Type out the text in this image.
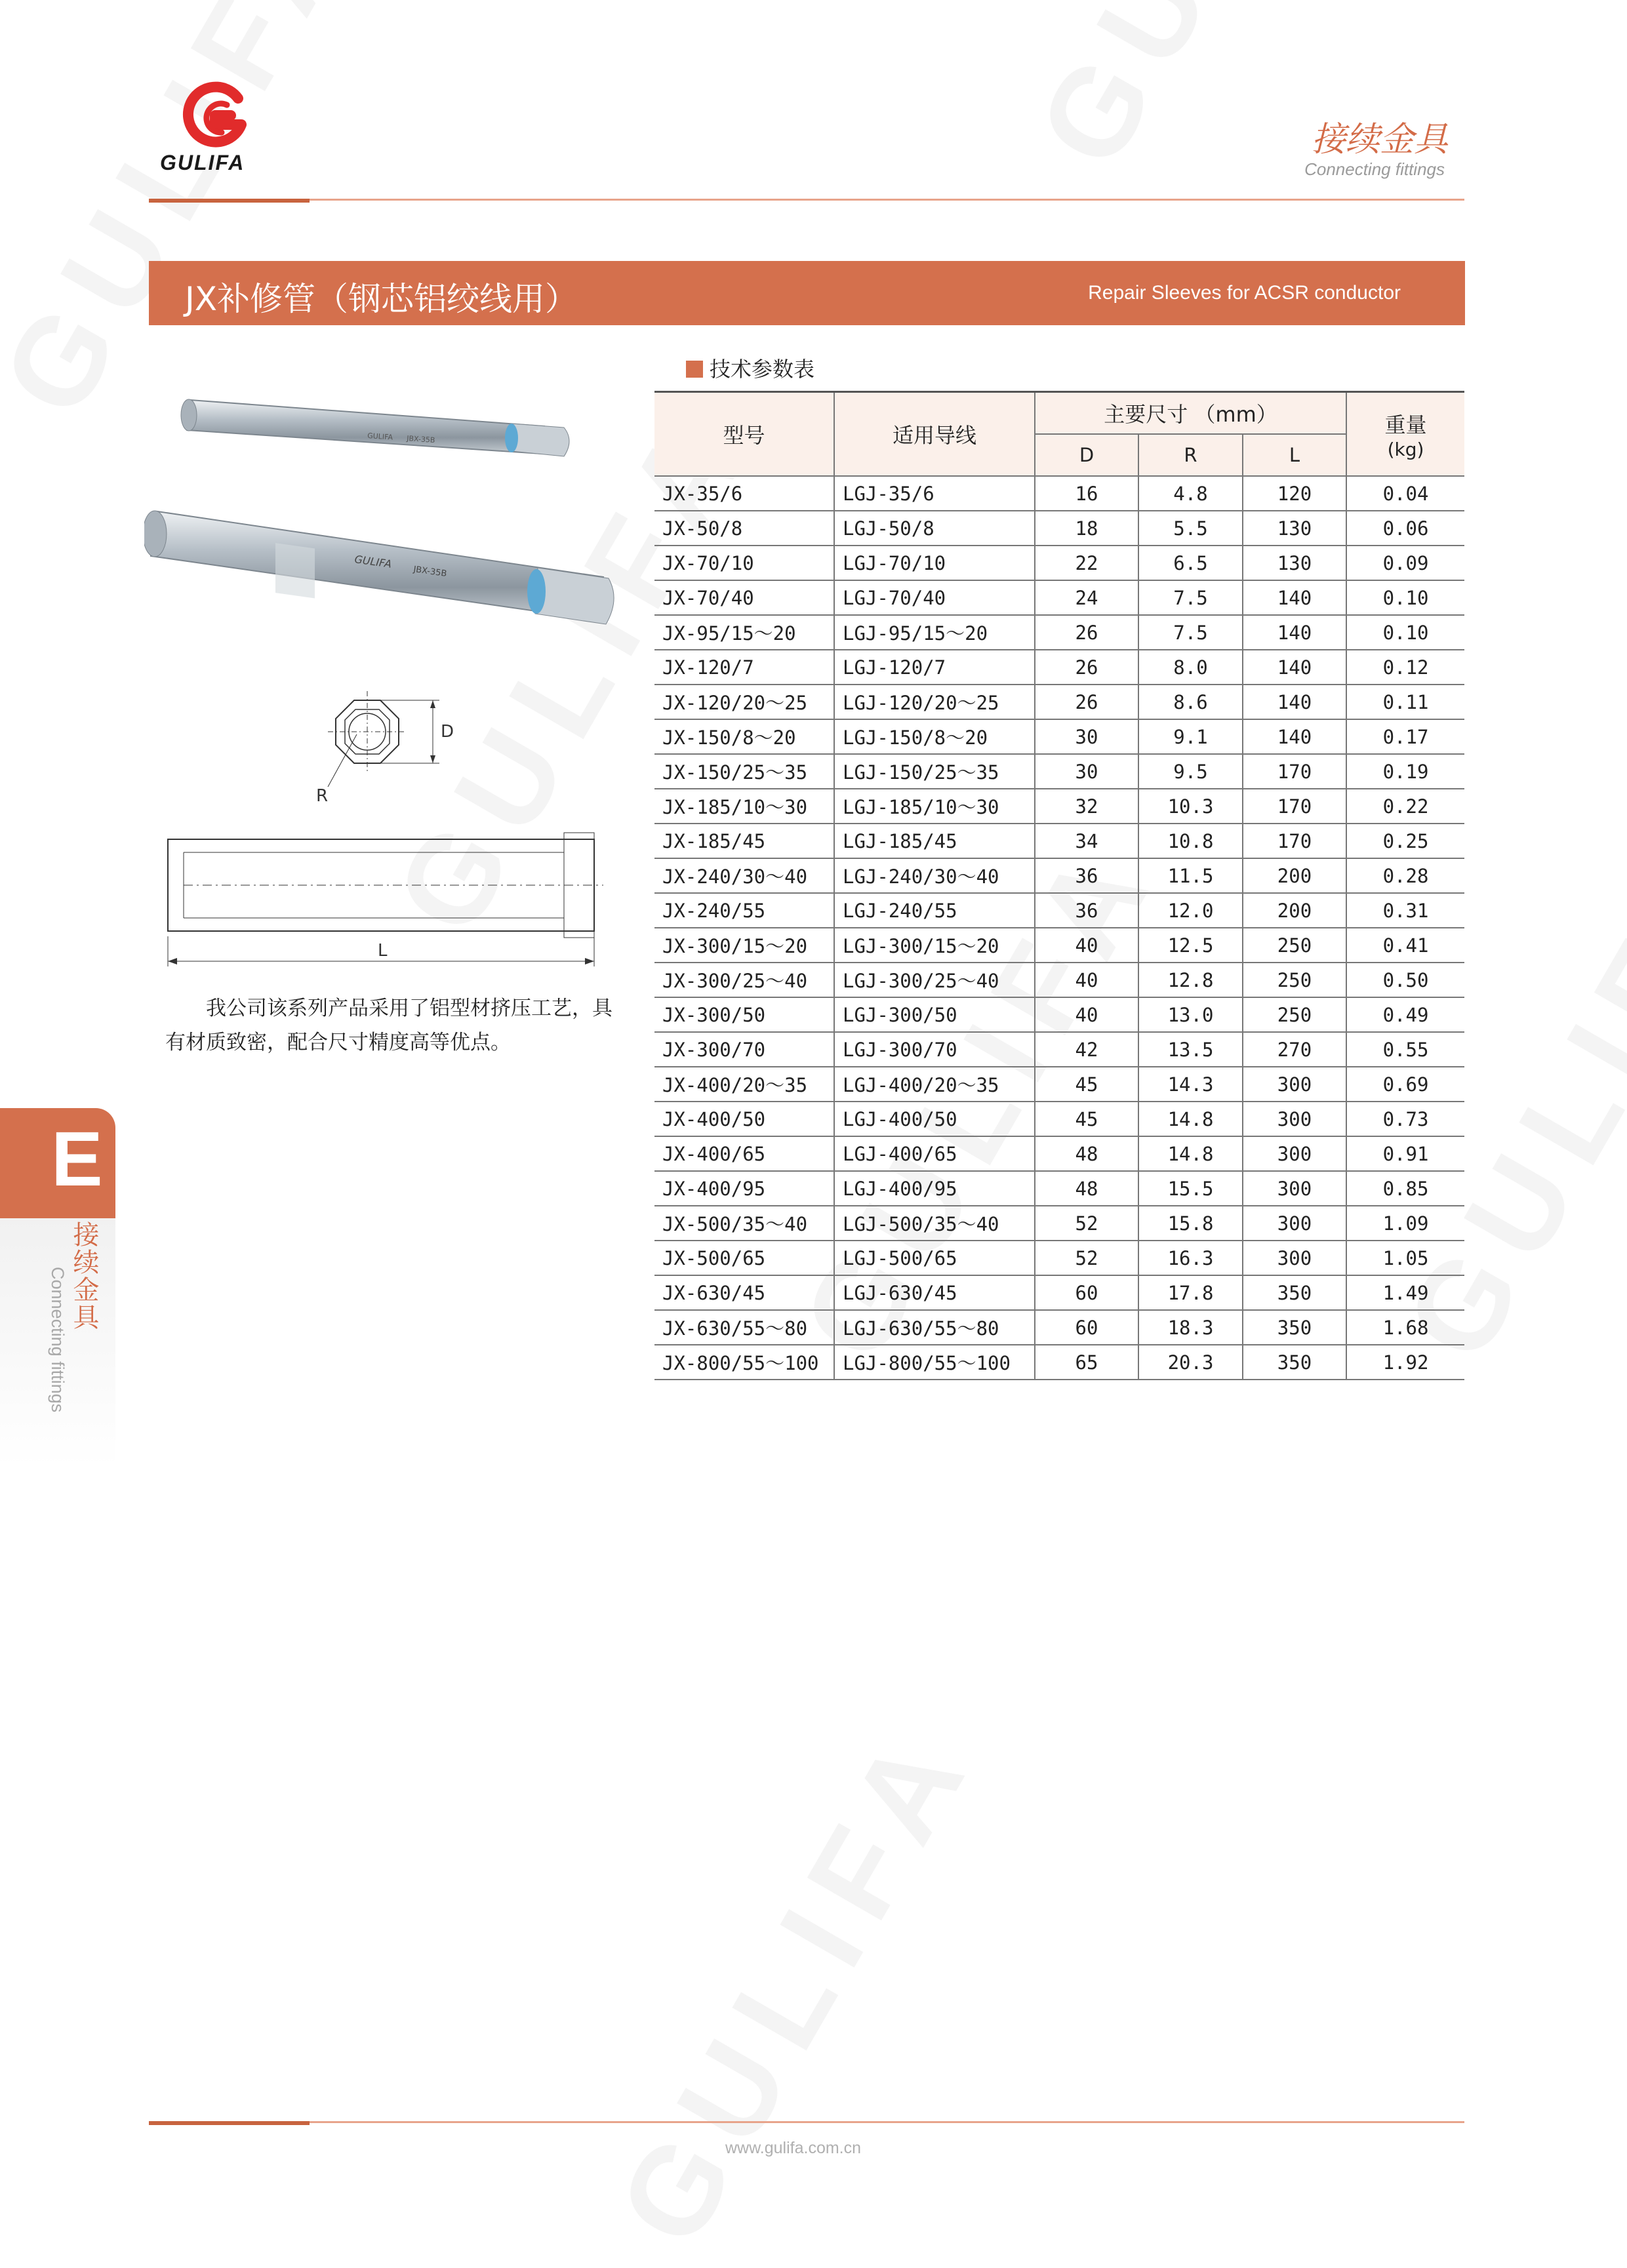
GULIFA
接续金具
Connecting fittings
JX补修管（钢芯铝绞线用）	Repair Sleeves for ACSR conductor
GULIFA JBX-35B
GULIFA
JBX-35B
D
R
L
我公司该系列产品采用了铝型材挤压工艺，具有材质致密，配合尺寸精度高等优点。
技术参数表
型号	适用导线	主要尺寸 （mm）			重量
(kg)

		D	R	L	
JX-35/6	LGJ-35/6	16	4.8	120	0.04
JX-50/8	LGJ-50/8	18	5.5	130	0.06
JX-70/10	LGJ-70/10	22	6.5	130	0.09
JX-70/40	LGJ-70/40	24	7.5	140	0.10
JX-95/15～20	LGJ-95/15～20	26	7.5	140	0.10
JX-120/7	LGJ-120/7	26	8.0	140	0.12
JX-120/20～25	LGJ-120/20～25	26	8.6	140	0.11
JX-150/8～20	LGJ-150/8～20	30	9.1	140	0.17
JX-150/25～35	LGJ-150/25～35	30	9.5	170	0.19
JX-185/10～30	LGJ-185/10～30	32	10.3	170	0.22
JX-185/45	LGJ-185/45	34	10.8	170	0.25
JX-240/30～40	LGJ-240/30～40	36	11.5	200	0.28
JX-240/55	LGJ-240/55	36	12.0	200	0.31
JX-300/15～20	LGJ-300/15～20	40	12.5	250	0.41
JX-300/25～40	LGJ-300/25～40	40	12.8	250	0.50
JX-300/50	LGJ-300/50	40	13.0	250	0.49
JX-300/70	LGJ-300/70	42	13.5	270	0.55
JX-400/20～35	LGJ-400/20～35	45	14.3	300	0.69
JX-400/50	LGJ-400/50	45	14.8	300	0.73
JX-400/65	LGJ-400/65	48	14.8	300	0.91
JX-400/95	LGJ-400/95	48	15.5	300	0.85
JX-500/35～40	LGJ-500/35～40	52	15.8	300	1.09
JX-500/65	LGJ-500/65	52	16.3	300	1.05
JX-630/45	LGJ-630/45	60	17.8	350	1.49
JX-630/55～80	LGJ-630/55～80	60	18.3	350	1.68
JX-800/55～100	LGJ-800/55～100	65	20.3	350	1.92
E
接续金具
Connecting fittings
www.gulifa.com.cn
